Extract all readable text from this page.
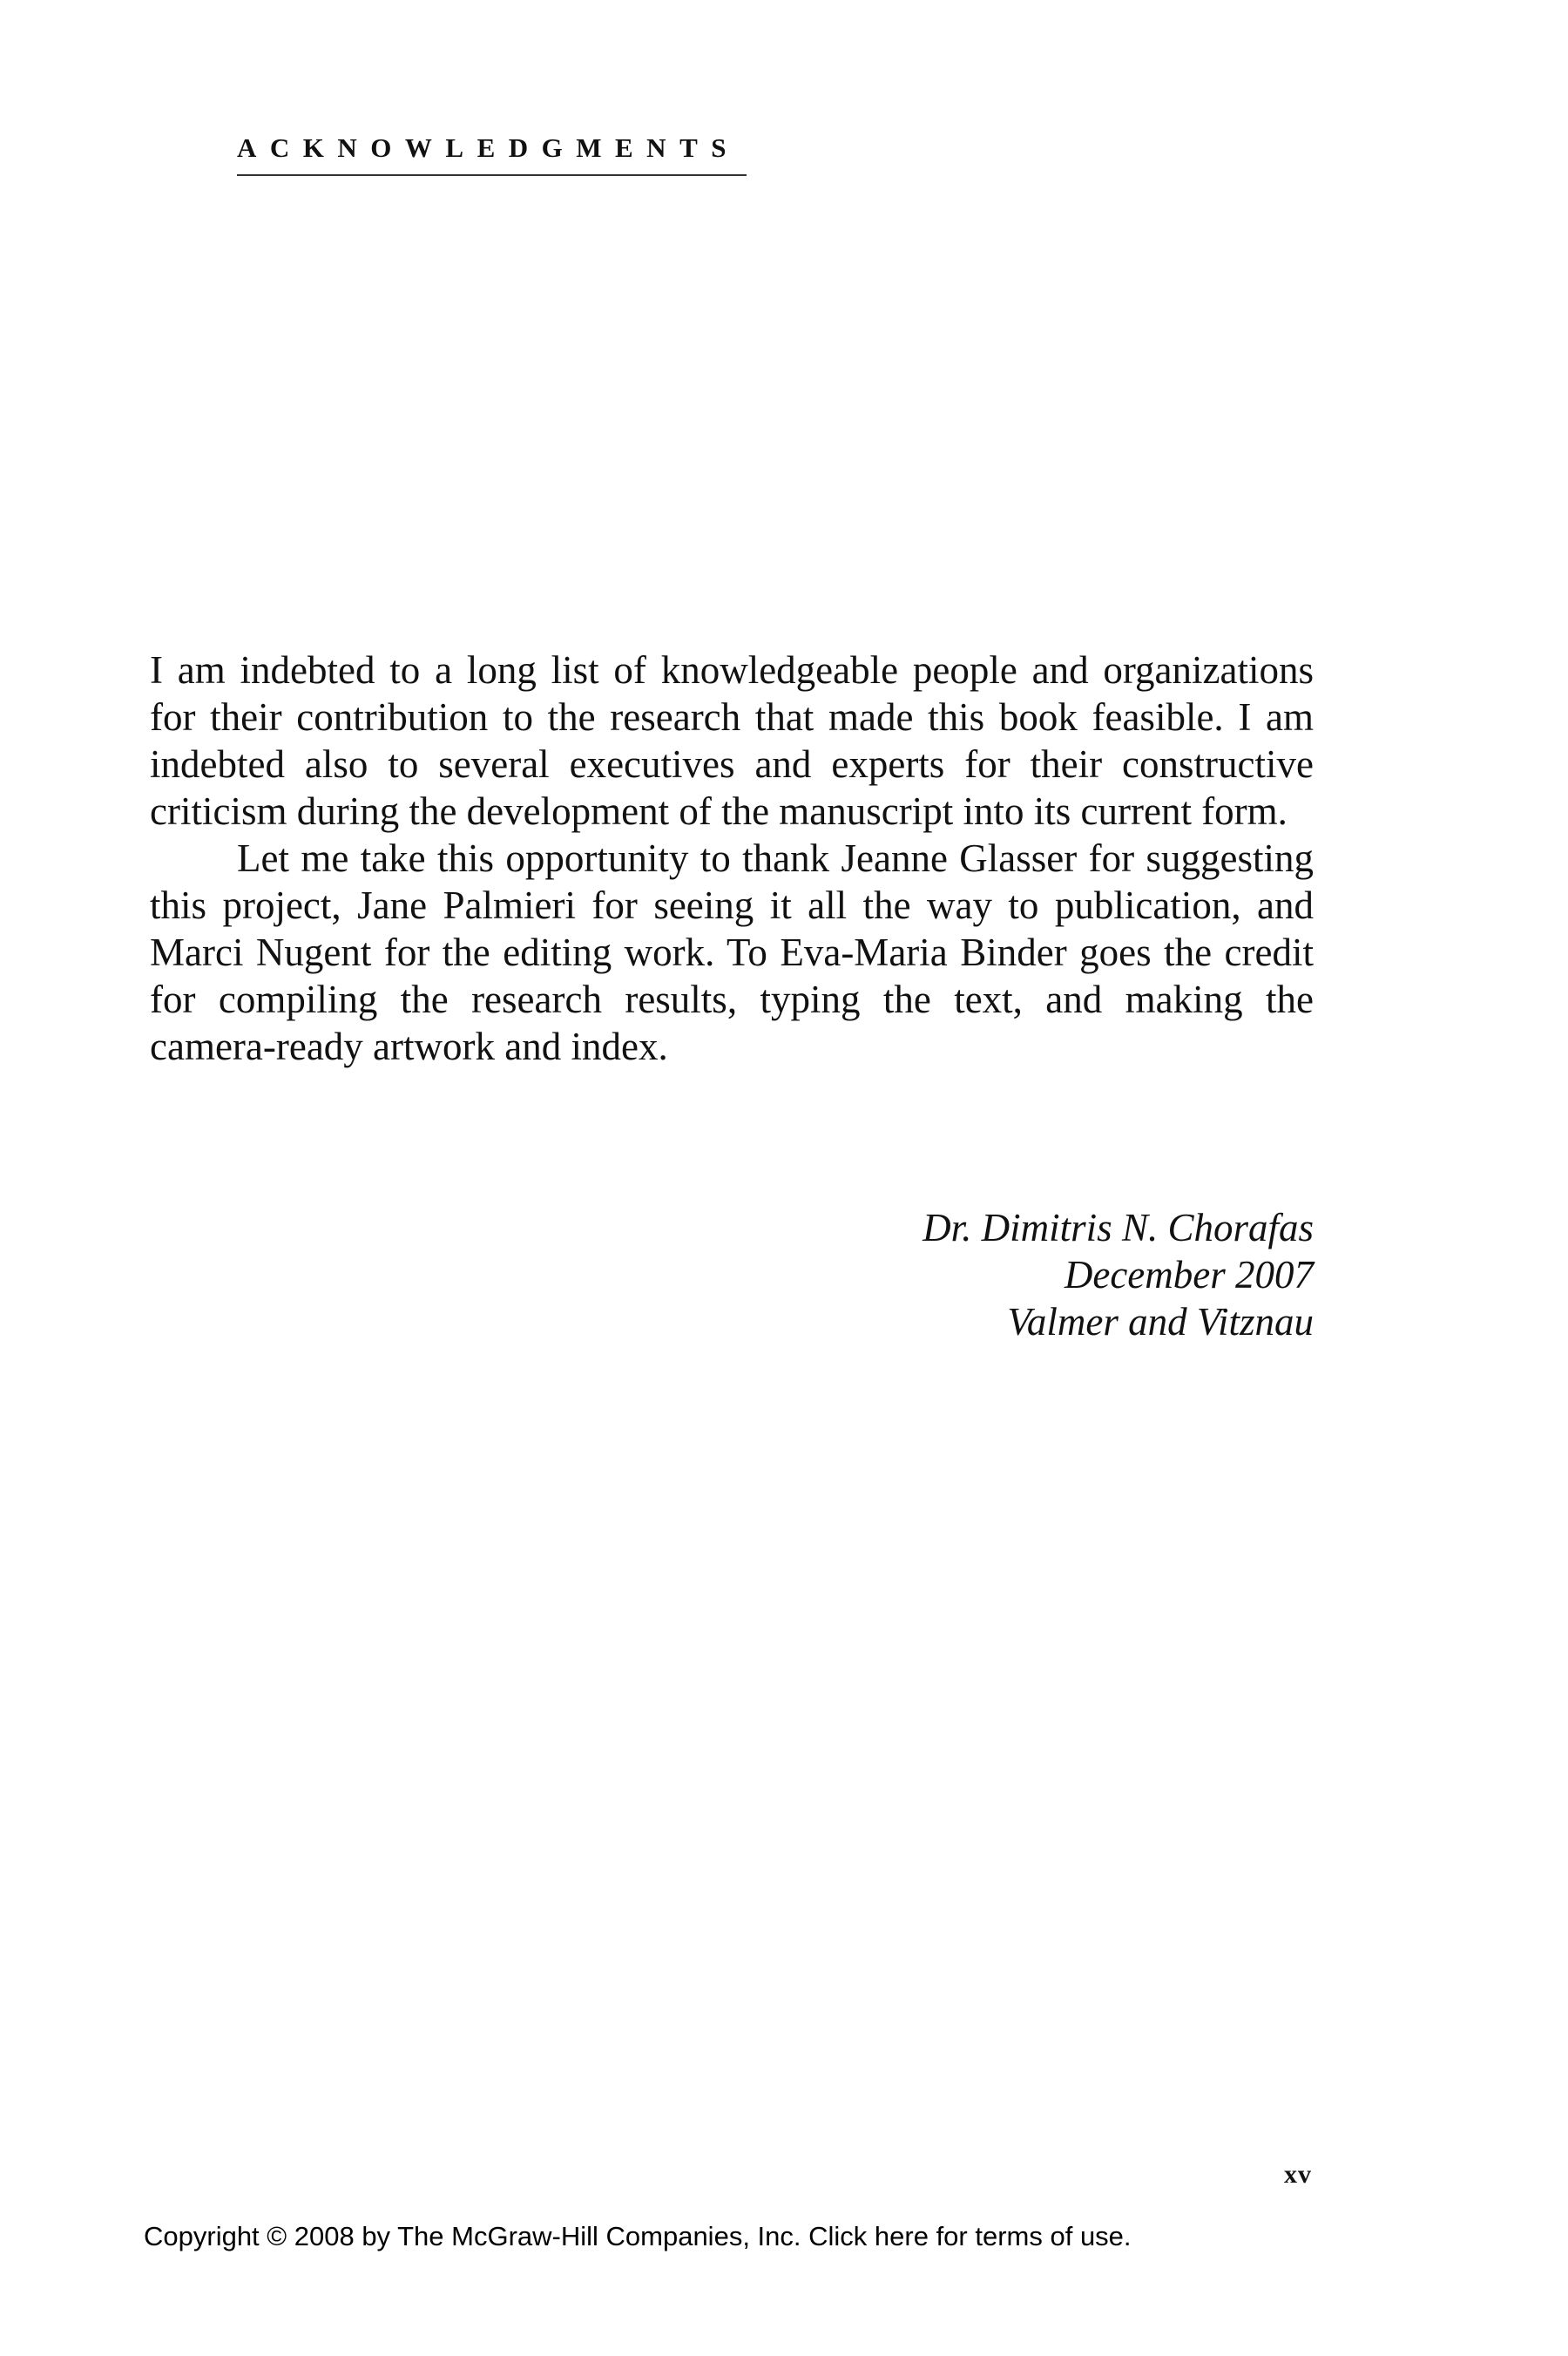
ACKNOWLEDGMENTS

I am indebted to a long list of knowledgeable people and organizations for their contribution to the research that made this book feasible. I am indebted also to several executives and experts for their constructive criticism during the development of the manuscript into its current form.

Let me take this opportunity to thank Jeanne Glasser for suggesting this project, Jane Palmieri for seeing it all the way to publication, and Marci Nugent for the editing work. To Eva-Maria Binder goes the credit for compiling the research results, typing the text, and making the camera-ready artwork and index.

Dr. Dimitris N. Chorafas
December 2007
Valmer and Vitznau
xv
Copyright © 2008 by The McGraw-Hill Companies, Inc. Click here for terms of use.
